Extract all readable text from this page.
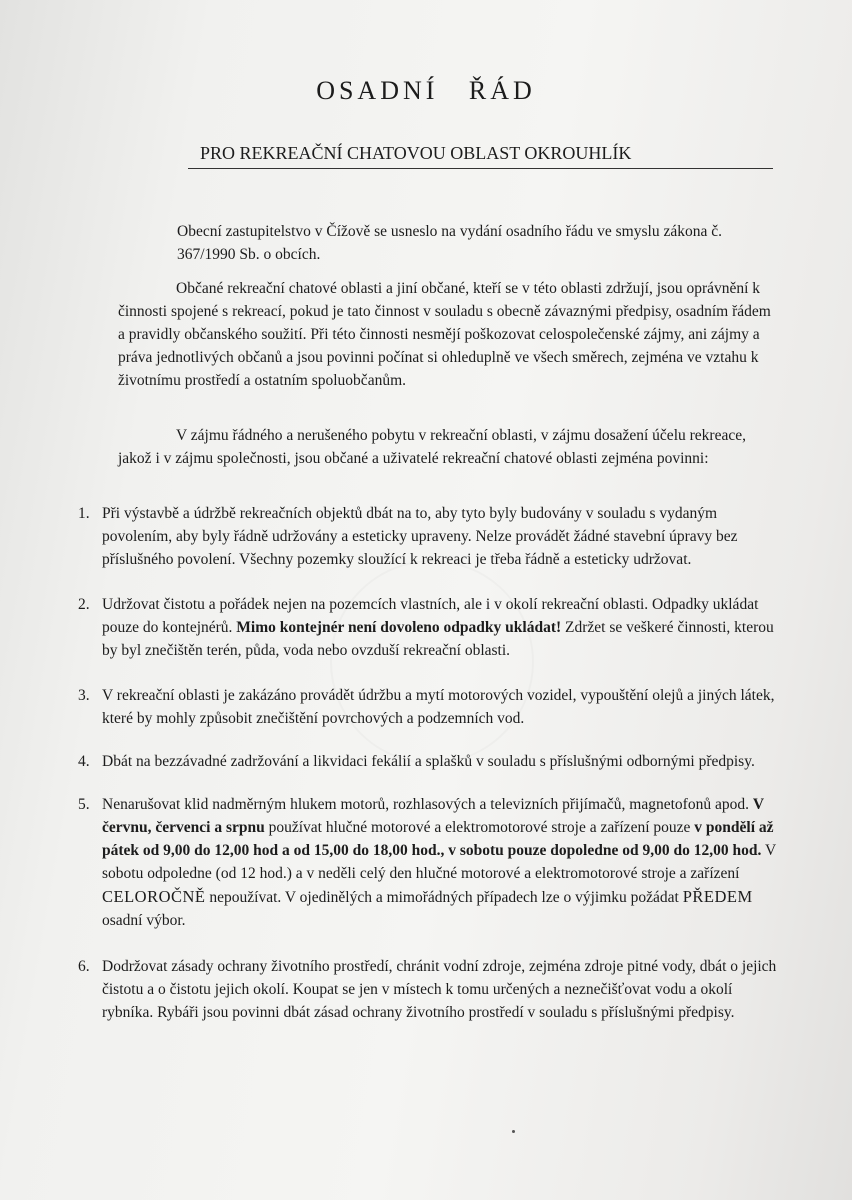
OSADNÍ ŘÁD
PRO REKREAČNÍ CHATOVOU OBLAST OKROUHLÍK

Obecní zastupitelstvo v Čížově se usneslo na vydání osadního řádu ve smyslu zákona č. 367/1990 Sb. o obcích.

Občané rekreační chatové oblasti a jiní občané, kteří se v této oblasti zdržují, jsou oprávnění k činnosti spojené s rekreací, pokud je tato činnost v souladu s obecně závaznými předpisy, osadním řádem a pravidly občanského soužití. Při této činnosti nesmějí poškozovat celospolečenské zájmy, ani zájmy a práva jednotlivých občanů a jsou povinni počínat si ohleduplně ve všech směrech, zejména ve vztahu k životnímu prostředí a ostatním spoluobčanům.

V zájmu řádného a nerušeného pobytu v rekreační oblasti, v zájmu dosažení účelu rekreace, jakož i v zájmu společnosti, jsou občané a uživatelé rekreační chatové oblasti zejména povinni:

1. Při výstavbě a údržbě rekreačních objektů dbát na to, aby tyto byly budovány v souladu s vydaným povolením, aby byly řádně udržovány a esteticky upraveny. Nelze provádět žádné stavební úpravy bez příslušného povolení. Všechny pozemky sloužící k rekreaci je třeba řádně a esteticky udržovat.
2. Udržovat čistotu a pořádek nejen na pozemcích vlastních, ale i v okolí rekreační oblasti. Odpadky ukládat pouze do kontejnérů. Mimo kontejnér není dovoleno odpadky ukládat! Zdržet se veškeré činnosti, kterou by byl znečištěn terén, půda, voda nebo ovzduší rekreační oblasti.
3. V rekreační oblasti je zakázáno provádět údržbu a mytí motorových vozidel, vypouštění olejů a jiných látek, které by mohly způsobit znečištění povrchových a podzemních vod.
4. Dbát na bezzávadné zadržování a likvidaci fekálií a splašků v souladu s příslušnými odbornými předpisy.
5. Nenarušovat klid nadměrným hlukem motorů, rozhlasových a televizních přijímačů, magnetofonů apod. V červnu, červenci a srpnu používat hlučné motorové a elektromotorové stroje a zařízení pouze v pondělí až pátek od 9,00 do 12,00 hod a od 15,00 do 18,00 hod., v sobotu pouze dopoledne od 9,00 do 12,00 hod. V sobotu odpoledne (od 12 hod.) a v neděli celý den hlučné motorové a elektromotorové stroje a zařízení CELOROČNĚ nepoužívat. V ojedinělých a mimořádných případech lze o výjimku požádat PŘEDEM osadní výbor.
6. Dodržovat zásady ochrany životního prostředí, chránit vodní zdroje, zejména zdroje pitné vody, dbát o jejich čistotu a o čistotu jejich okolí. Koupat se jen v místech k tomu určených a neznečišťovat vodu a okolí rybníka. Rybáři jsou povinni dbát zásad ochrany životního prostředí v souladu s příslušnými předpisy.
